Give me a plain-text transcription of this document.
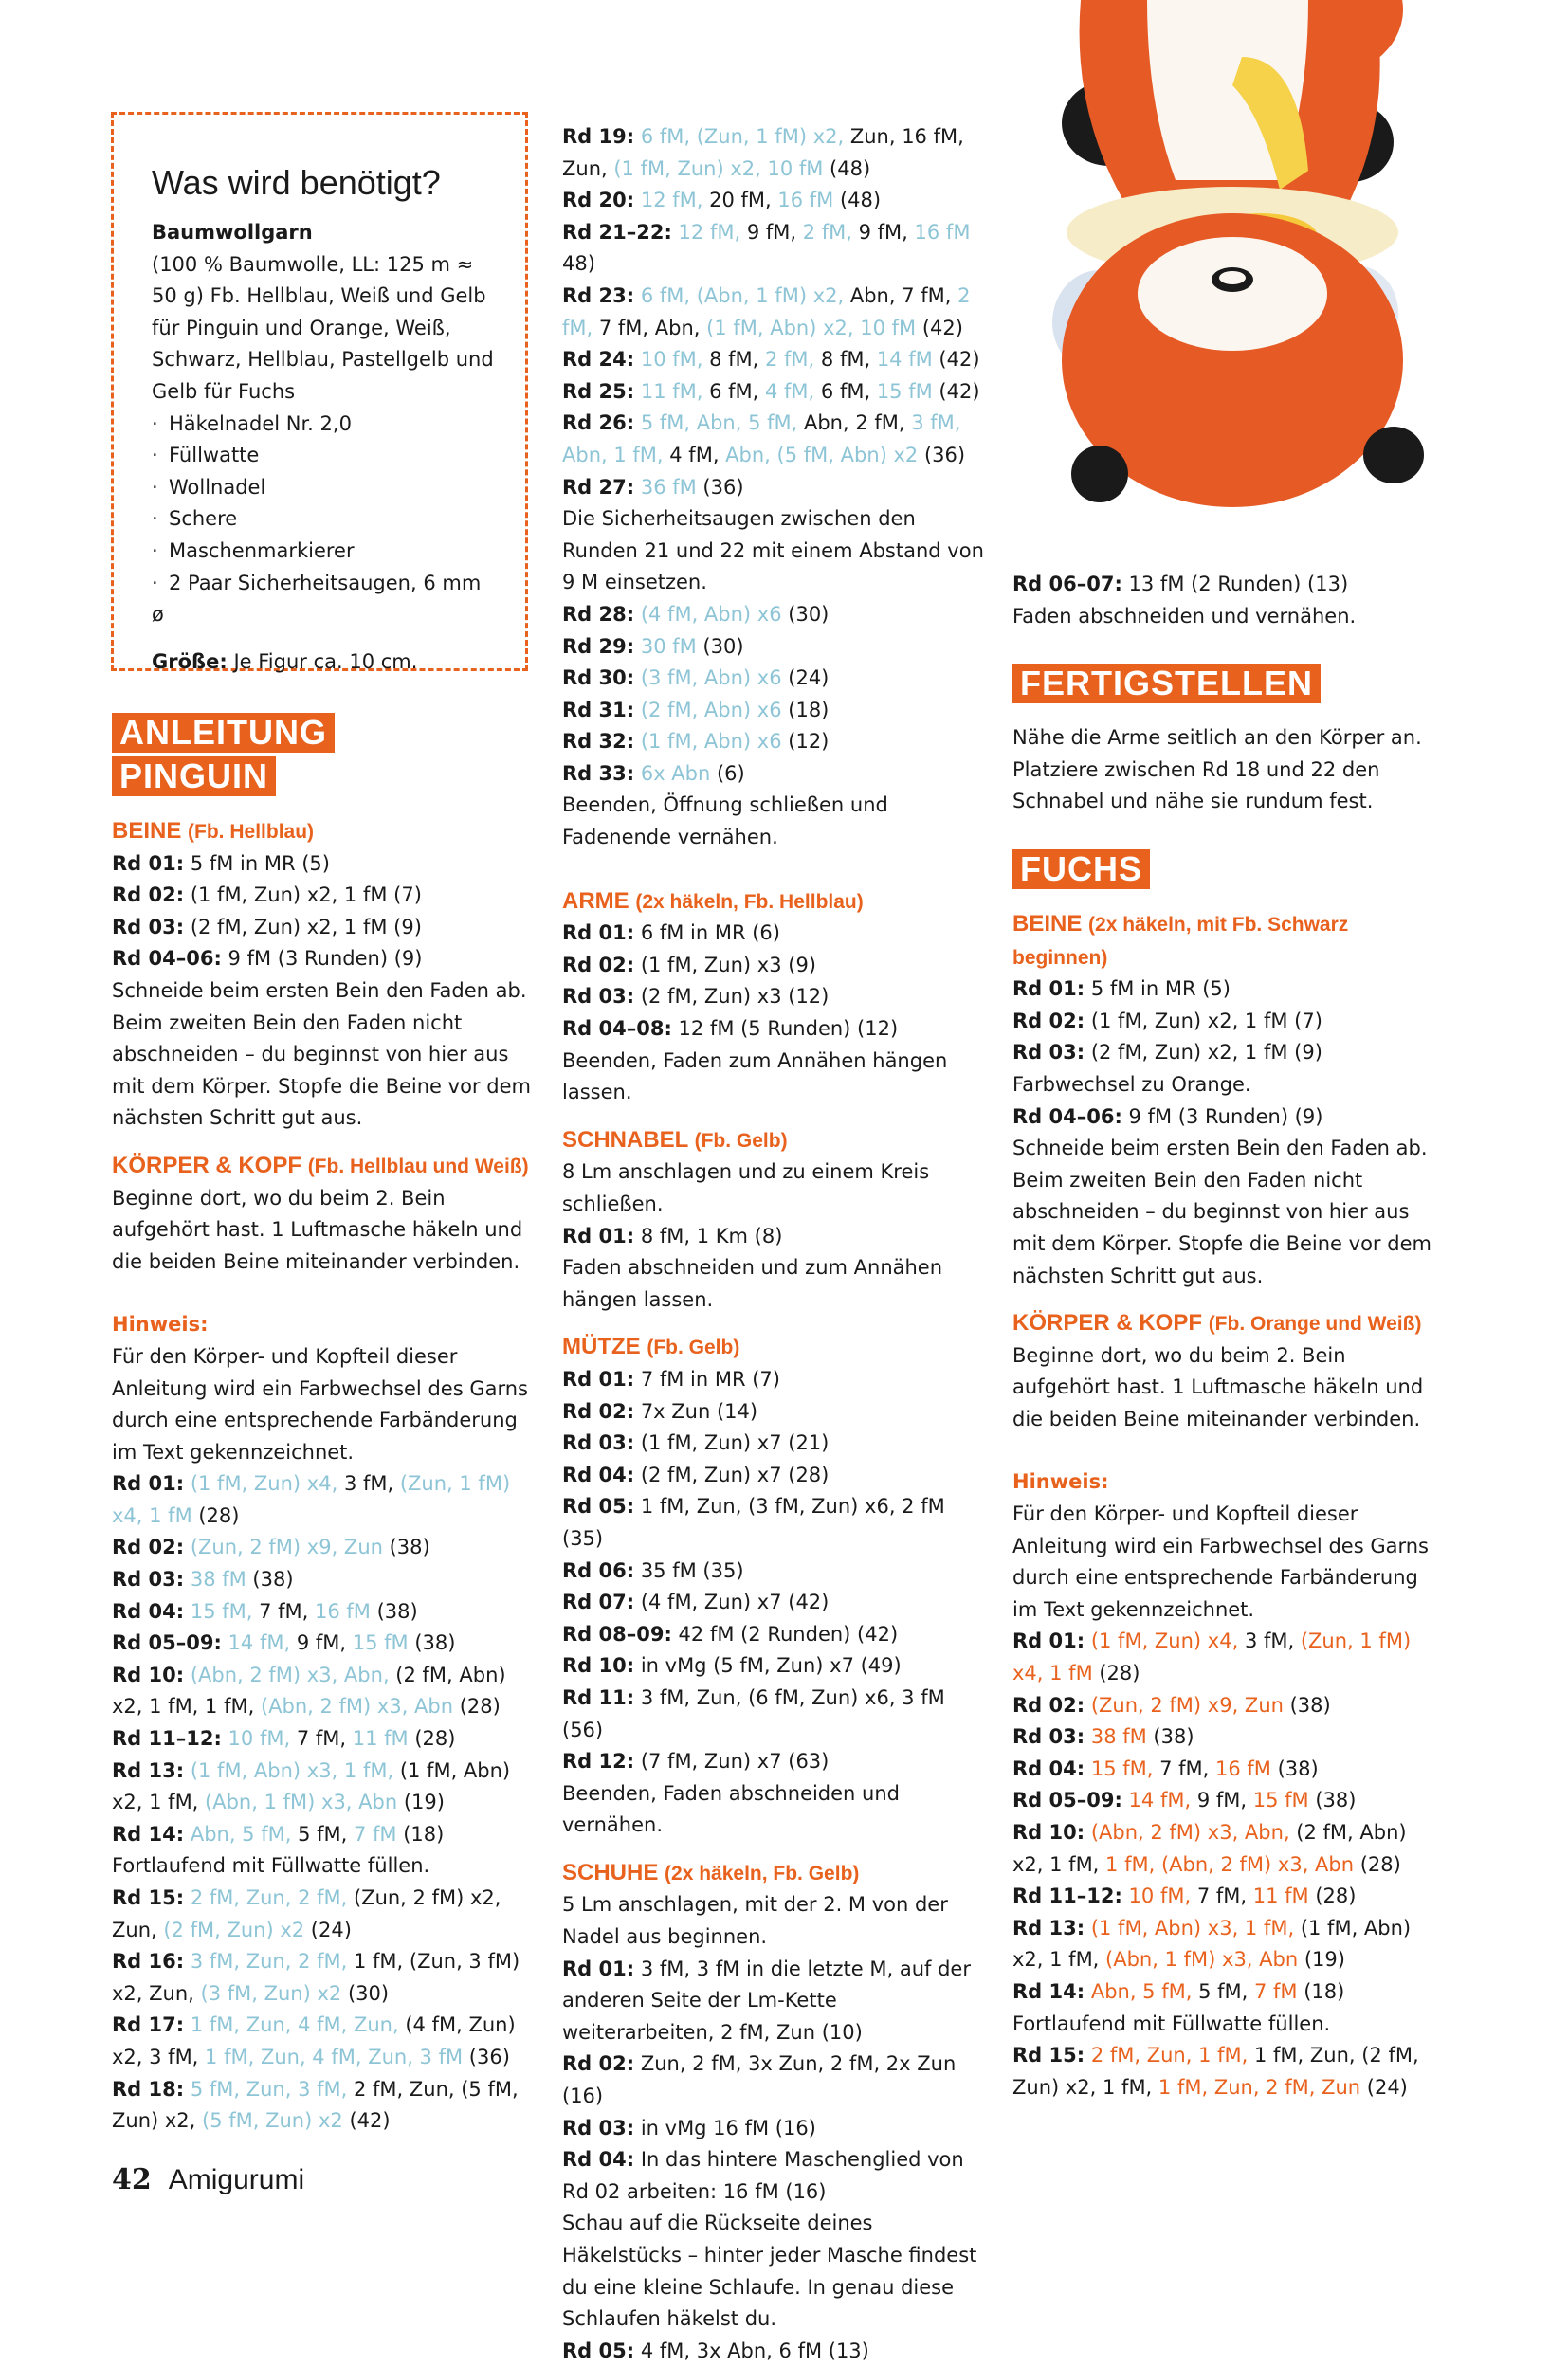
Was wird benötigt?

Baumwollgarn

(100 % Baumwolle, LL: 125 m ≈ 50 g) Fb. Hellblau, Weiß und Gelb für Pinguin und Orange, Weiß, Schwarz, Hellblau, Pastellgelb und Gelb für Fuchs

· Häkelnadel Nr. 2,0
· Füllwatte
· Wollnadel
· Schere
· Maschenmarkierer
· 2 Paar Sicherheitsaugen, 6 mm ø

Größe: Je Figur ca. 10 cm.

ANLEITUNG
PINGUIN

BEINE (Fb. Hellblau)

Rd 01: 5 fM in MR (5)

Rd 02: (1 fM, Zun) x2, 1 fM (7)

Rd 03: (2 fM, Zun) x2, 1 fM (9)

Rd 04–06: 9 fM (3 Runden) (9)

Schneide beim ersten Bein den Faden ab. Beim zweiten Bein den Faden nicht abschneiden – du beginnst von hier aus mit dem Körper. Stopfe die Beine vor dem nächsten Schritt gut aus.

KÖRPER & KOPF (Fb. Hellblau und Weiß)

Beginne dort, wo du beim 2. Bein aufgehört hast. 1 Luftmasche häkeln und die beiden Beine miteinander verbinden.

Hinweis:

Für den Körper- und Kopfteil dieser Anleitung wird ein Farbwechsel des Garns durch eine entsprechende Farbänderung im Text gekennzeichnet.

Rd 01: (1 fM, Zun) x4, 3 fM, (Zun, 1 fM) x4, 1 fM (28)

Rd 02: (Zun, 2 fM) x9, Zun (38)

Rd 03: 38 fM (38)

Rd 04: 15 fM, 7 fM, 16 fM (38)

Rd 05–09: 14 fM, 9 fM, 15 fM (38)

Rd 10: (Abn, 2 fM) x3, Abn, (2 fM, Abn) x2, 1 fM, 1 fM, (Abn, 2 fM) x3, Abn (28)

Rd 11–12: 10 fM, 7 fM, 11 fM (28)

Rd 13: (1 fM, Abn) x3, 1 fM, (1 fM, Abn) x2, 1 fM, (Abn, 1 fM) x3, Abn (19)

Rd 14: Abn, 5 fM, 5 fM, 7 fM (18)

Fortlaufend mit Füllwatte füllen.

Rd 15: 2 fM, Zun, 2 fM, (Zun, 2 fM) x2, Zun, (2 fM, Zun) x2 (24)

Rd 16: 3 fM, Zun, 2 fM, 1 fM, (Zun, 3 fM) x2, Zun, (3 fM, Zun) x2 (30)

Rd 17: 1 fM, Zun, 4 fM, Zun, (4 fM, Zun) x2, 3 fM, 1 fM, Zun, 4 fM, Zun, 3 fM (36)

Rd 18: 5 fM, Zun, 3 fM, 2 fM, Zun, (5 fM, Zun) x2, (5 fM, Zun) x2 (42)

Rd 19: 6 fM, (Zun, 1 fM) x2, Zun, 16 fM, Zun, (1 fM, Zun) x2, 10 fM (48)

Rd 20: 12 fM, 20 fM, 16 fM (48)

Rd 21–22: 12 fM, 9 fM, 2 fM, 9 fM, 16 fM 48)

Rd 23: 6 fM, (Abn, 1 fM) x2, Abn, 7 fM, 2 fM, 7 fM, Abn, (1 fM, Abn) x2, 10 fM (42)

Rd 24: 10 fM, 8 fM, 2 fM, 8 fM, 14 fM (42)

Rd 25: 11 fM, 6 fM, 4 fM, 6 fM, 15 fM (42)

Rd 26: 5 fM, Abn, 5 fM, Abn, 2 fM, 3 fM, Abn, 1 fM, 4 fM, Abn, (5 fM, Abn) x2 (36)

Rd 27: 36 fM (36)

Die Sicherheitsaugen zwischen den Runden 21 und 22 mit einem Abstand von 9 M einsetzen.

Rd 28: (4 fM, Abn) x6 (30)

Rd 29: 30 fM (30)

Rd 30: (3 fM, Abn) x6 (24)

Rd 31: (2 fM, Abn) x6 (18)

Rd 32: (1 fM, Abn) x6 (12)

Rd 33: 6x Abn (6)

Beenden, Öffnung schließen und Fadenende vernähen.

ARME (2x häkeln, Fb. Hellblau)

Rd 01: 6 fM in MR (6)

Rd 02: (1 fM, Zun) x3 (9)

Rd 03: (2 fM, Zun) x3 (12)

Rd 04–08: 12 fM (5 Runden) (12)

Beenden, Faden zum Annähen hängen lassen.

SCHNABEL (Fb. Gelb)

8 Lm anschlagen und zu einem Kreis schließen.

Rd 01: 8 fM, 1 Km (8)

Faden abschneiden und zum Annähen hängen lassen.

MÜTZE (Fb. Gelb)

Rd 01: 7 fM in MR (7)

Rd 02: 7x Zun (14)

Rd 03: (1 fM, Zun) x7 (21)

Rd 04: (2 fM, Zun) x7 (28)

Rd 05: 1 fM, Zun, (3 fM, Zun) x6, 2 fM (35)

Rd 06: 35 fM (35)

Rd 07: (4 fM, Zun) x7 (42)

Rd 08–09: 42 fM (2 Runden) (42)

Rd 10: in vMg (5 fM, Zun) x7 (49)

Rd 11: 3 fM, Zun, (6 fM, Zun) x6, 3 fM (56)

Rd 12: (7 fM, Zun) x7 (63)

Beenden, Faden abschneiden und vernähen.

SCHUHE (2x häkeln, Fb. Gelb)

5 Lm anschlagen, mit der 2. M von der Nadel aus beginnen.

Rd 01: 3 fM, 3 fM in die letzte M, auf der anderen Seite der Lm-Kette weiterarbeiten, 2 fM, Zun (10)

Rd 02: Zun, 2 fM, 3x Zun, 2 fM, 2x Zun (16)

Rd 03: in vMg 16 fM (16)

Rd 04: In das hintere Maschenglied von Rd 02 arbeiten: 16 fM (16)

Schau auf die Rückseite deines Häkelstücks – hinter jeder Masche findest du eine kleine Schlaufe. In genau diese Schlaufen häkelst du.

Rd 05: 4 fM, 3x Abn, 6 fM (13)

Rd 06–07: 13 fM (2 Runden) (13)

Faden abschneiden und vernähen.

FERTIGSTELLEN

Nähe die Arme seitlich an den Körper an. Platziere zwischen Rd 18 und 22 den Schnabel und nähe sie rundum fest.

FUCHS

BEINE (2x häkeln, mit Fb. Schwarz beginnen)

Rd 01: 5 fM in MR (5)

Rd 02: (1 fM, Zun) x2, 1 fM (7)

Rd 03: (2 fM, Zun) x2, 1 fM (9)

Farbwechsel zu Orange.

Rd 04–06: 9 fM (3 Runden) (9)

Schneide beim ersten Bein den Faden ab. Beim zweiten Bein den Faden nicht abschneiden – du beginnst von hier aus mit dem Körper. Stopfe die Beine vor dem nächsten Schritt gut aus.

KÖRPER & KOPF (Fb. Orange und Weiß)

Beginne dort, wo du beim 2. Bein aufgehört hast. 1 Luftmasche häkeln und die beiden Beine miteinander verbinden.

Hinweis:

Für den Körper- und Kopfteil dieser Anleitung wird ein Farbwechsel des Garns durch eine entsprechende Farbänderung im Text gekennzeichnet.

Rd 01: (1 fM, Zun) x4, 3 fM, (Zun, 1 fM) x4, 1 fM (28)

Rd 02: (Zun, 2 fM) x9, Zun (38)

Rd 03: 38 fM (38)

Rd 04: 15 fM, 7 fM, 16 fM (38)

Rd 05–09: 14 fM, 9 fM, 15 fM (38)

Rd 10: (Abn, 2 fM) x3, Abn, (2 fM, Abn) x2, 1 fM, 1 fM, (Abn, 2 fM) x3, Abn (28)

Rd 11–12: 10 fM, 7 fM, 11 fM (28)

Rd 13: (1 fM, Abn) x3, 1 fM, (1 fM, Abn) x2, 1 fM, (Abn, 1 fM) x3, Abn (19)

Rd 14: Abn, 5 fM, 5 fM, 7 fM (18)

Fortlaufend mit Füllwatte füllen.

Rd 15: 2 fM, Zun, 1 fM, 1 fM, Zun, (2 fM, Zun) x2, 1 fM, 1 fM, Zun, 2 fM, Zun (24)

42 Amigurumi
